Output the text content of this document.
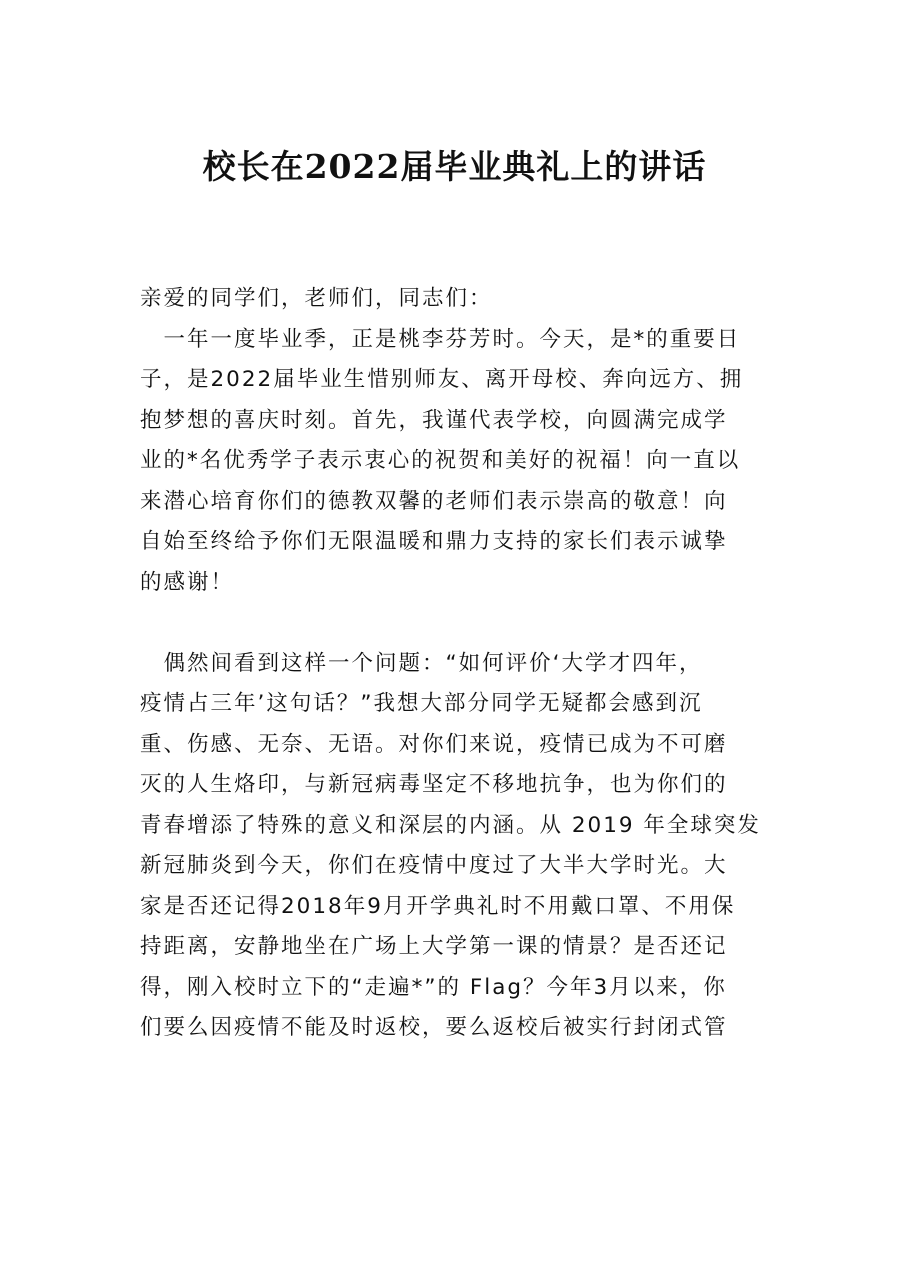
校长在2022届毕业典礼上的讲话
亲爱的同学们，老师们，同志们：
　一年一度毕业季，正是桃李芬芳时。今天，是*的重要日
子，是2022届毕业生惜别师友、离开母校、奔向远方、拥
抱梦想的喜庆时刻。首先，我谨代表学校，向圆满完成学
业的*名优秀学子表示衷心的祝贺和美好的祝福！向一直以
来潜心培育你们的德教双馨的老师们表示崇高的敬意！向
自始至终给予你们无限温暖和鼎力支持的家长们表示诚挚
的感谢！
　偶然间看到这样一个问题：“如何评价‘大学才四年，
疫情占三年’这句话？”我想大部分同学无疑都会感到沉
重、伤感、无奈、无语。对你们来说，疫情已成为不可磨
灭的人生烙印，与新冠病毒坚定不移地抗争，也为你们的
青春增添了特殊的意义和深层的内涵。从 2019 年全球突发
新冠肺炎到今天，你们在疫情中度过了大半大学时光。大
家是否还记得2018年9月开学典礼时不用戴口罩、不用保
持距离，安静地坐在广场上大学第一课的情景？是否还记
得，刚入校时立下的“走遍*”的 Flag？今年3月以来，你
们要么因疫情不能及时返校，要么返校后被实行封闭式管
